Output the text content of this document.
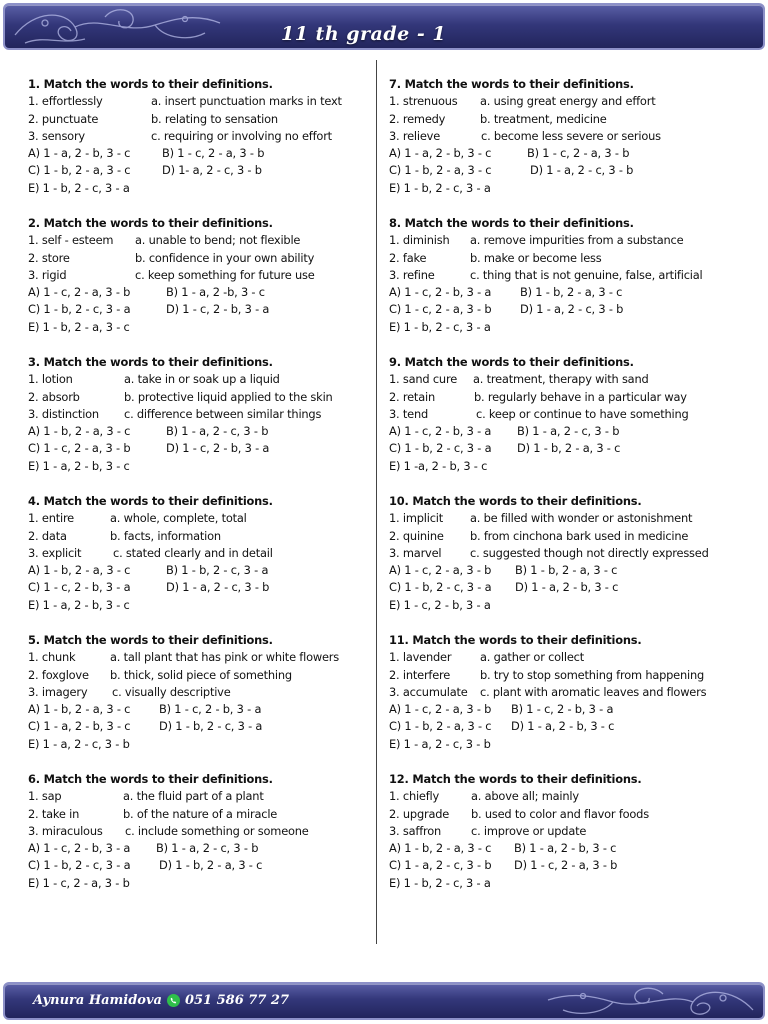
11 th grade - 1
1. Match the words to their definitions.
1. effortlessly	a. insert punctuation marks in text
2. punctuate	b. relating to sensation
3. sensory	c. requiring or involving no effort
A) 1 - a, 2 - b, 3 - c	B) 1 - c, 2 - a, 3 - b
C) 1 - b, 2 - a, 3 - c	D) 1- a, 2 - c, 3 - b
E) 1 - b, 2 - c, 3 - a
2. Match the words to their definitions.
1. self - esteem	a. unable to bend; not flexible
2. store	b. confidence in your own ability
3. rigid	c. keep something for future use
A) 1 - c, 2 - a, 3 - b	B) 1 - a, 2 -b, 3 - c
C) 1 - b, 2 - c, 3 - a	D) 1 - c, 2 - b, 3 - a
E) 1 - b, 2 - a, 3 - c
3. Match the words to their definitions.
1. lotion	a. take in or soak up a liquid
2. absorb	b. protective liquid applied to the skin
3. distinction	c. difference between similar things
A) 1 - b, 2 - a, 3 - c	B) 1 - a, 2 - c, 3 - b
C) 1 - c, 2 - a, 3 - b	D) 1 - c, 2 - b, 3 - a
E) 1 - a, 2 - b, 3 - c
4. Match the words to their definitions.
1. entire	a. whole, complete, total
2. data	b. facts, information
3. explicit	c. stated clearly and in detail
A) 1 - b, 2 - a, 3 - c	B) 1 - b, 2 - c, 3 - a
C) 1 - c, 2 - b, 3 - a	D) 1 - a, 2 - c, 3 - b
E) 1 - a, 2 - b, 3 - c
5. Match the words to their definitions.
1. chunk	a. tall plant that has pink or white flowers
2. foxglove	b. thick, solid piece of something
3. imagery	c. visually descriptive
A) 1 - b, 2 - a, 3 - c	B) 1 - c, 2 - b, 3 - a
C) 1 - a, 2 - b, 3 - c	D) 1 - b, 2 - c, 3 - a
E) 1 - a, 2 - c, 3 - b
6. Match the words to their definitions.
1. sap	a. the fluid part of a plant
2. take in	b. of the nature of a miracle
3. miraculous	c. include something or someone
A) 1 - c, 2 - b, 3 - a	B) 1 - a, 2 - c, 3 - b
C) 1 - b, 2 - c, 3 - a	D) 1 - b, 2 - a, 3 - c
E) 1 - c, 2 - a, 3 - b
7. Match the words to their definitions.
1. strenuous	a. using great energy and effort
2. remedy	b. treatment, medicine
3. relieve	c. become less severe or serious
A) 1 - a, 2 - b, 3 - c	B) 1 - c, 2 - a, 3 - b
C) 1 - b, 2 - a, 3 - c	D) 1 - a, 2 - c, 3 - b
E) 1 - b, 2 - c, 3 - a
8. Match the words to their definitions.
1. diminish	a. remove impurities from a substance
2. fake	b. make or become less
3. refine	c. thing that is not genuine, false, artificial
A) 1 - c, 2 - b, 3 - a	B) 1 - b, 2 - a, 3 - c
C) 1 - c, 2 - a, 3 - b	D) 1 - a, 2 - c, 3 - b
E) 1 - b, 2 - c, 3 - a
9. Match the words to their definitions.
1. sand cure	a. treatment, therapy with sand
2. retain	b. regularly behave in a particular way
3. tend	c. keep or continue to have something
A) 1 - c, 2 - b, 3 - a	B) 1 - a, 2 - c, 3 - b
C) 1 - b, 2 - c, 3 - a	D) 1 - b, 2 - a, 3 - c
E) 1 -a, 2 - b, 3 - c
10. Match the words to their definitions.
1. implicit	a. be filled with wonder or astonishment
2. quinine	b. from cinchona bark used in medicine
3. marvel	c. suggested though not directly expressed
A) 1 - c, 2 - a, 3 - b	B) 1 - b, 2 - a, 3 - c
C) 1 - b, 2 - c, 3 - a	D) 1 - a, 2 - b, 3 - c
E) 1 - c, 2 - b, 3 - a
11. Match the words to their definitions.
1. lavender	a. gather or collect
2. interfere	b. try to stop something from happening
3. accumulate	c. plant with aromatic leaves and flowers
A) 1 - c, 2 - a, 3 - b	B) 1 - c, 2 - b, 3 - a
C) 1 - b, 2 - a, 3 - c	D) 1 - a, 2 - b, 3 - c
E) 1 - a, 2 - c, 3 - b
12. Match the words to their definitions.
1. chiefly	a. above all; mainly
2. upgrade	b. used to color and flavor foods
3. saffron	c. improve or update
A) 1 - b, 2 - a, 3 - c	B) 1 - a, 2 - b, 3 - c
C) 1 - a, 2 - c, 3 - b	D) 1 - c, 2 - a, 3 - b
E) 1 - b, 2 - c, 3 - a
Aynura Hamidova 051 586 77 27
